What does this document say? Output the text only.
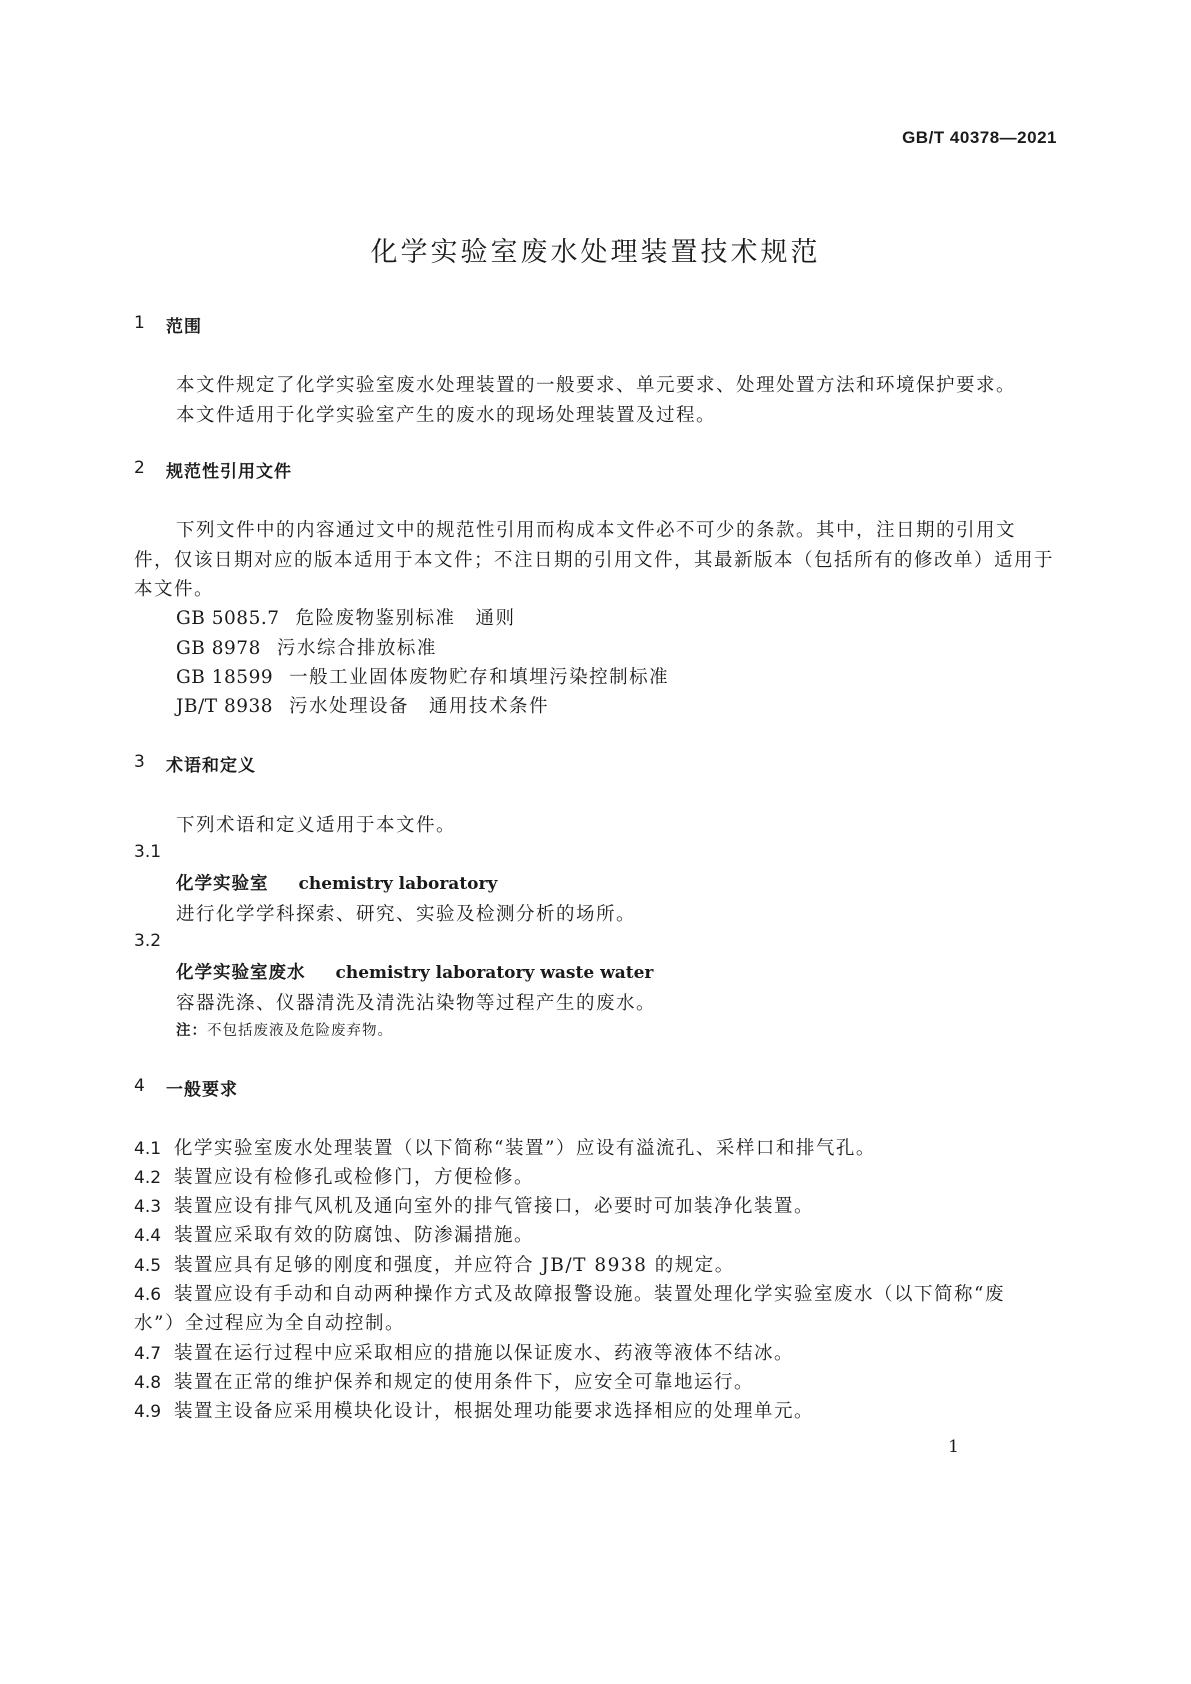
GB/T 40378—2021
化学实验室废水处理装置技术规范
1 范围
本文件规定了化学实验室废水处理装置的一般要求、单元要求、处理处置方法和环境保护要求。
本文件适用于化学实验室产生的废水的现场处理装置及过程。
2 规范性引用文件
下列文件中的内容通过文中的规范性引用而构成本文件必不可少的条款。其中，注日期的引用文
件，仅该日期对应的版本适用于本文件；不注日期的引用文件，其最新版本（包括所有的修改单）适用于
本文件。
GB 5085.7 危险废物鉴别标准　通则
GB 8978 污水综合排放标准
GB 18599 一般工业固体废物贮存和填埋污染控制标准
JB/T 8938 污水处理设备　通用技术条件
3 术语和定义
下列术语和定义适用于本文件。
3.1
化学实验室 chemistry laboratory
进行化学学科探索、研究、实验及检测分析的场所。
3.2
化学实验室废水 chemistry laboratory waste water
容器洗涤、仪器清洗及清洗沾染物等过程产生的废水。
注：不包括废液及危险废弃物。
4 一般要求
4.1 化学实验室废水处理装置（以下简称“装置”）应设有溢流孔、采样口和排气孔。
4.2 装置应设有检修孔或检修门，方便检修。
4.3 装置应设有排气风机及通向室外的排气管接口，必要时可加装净化装置。
4.4 装置应采取有效的防腐蚀、防渗漏措施。
4.5 装置应具有足够的刚度和强度，并应符合 JB/T 8938 的规定。
4.6 装置应设有手动和自动两种操作方式及故障报警设施。装置处理化学实验室废水（以下简称“废
水”）全过程应为全自动控制。
4.7 装置在运行过程中应采取相应的措施以保证废水、药液等液体不结冰。
4.8 装置在正常的维护保养和规定的使用条件下，应安全可靠地运行。
4.9 装置主设备应采用模块化设计，根据处理功能要求选择相应的处理单元。
1
